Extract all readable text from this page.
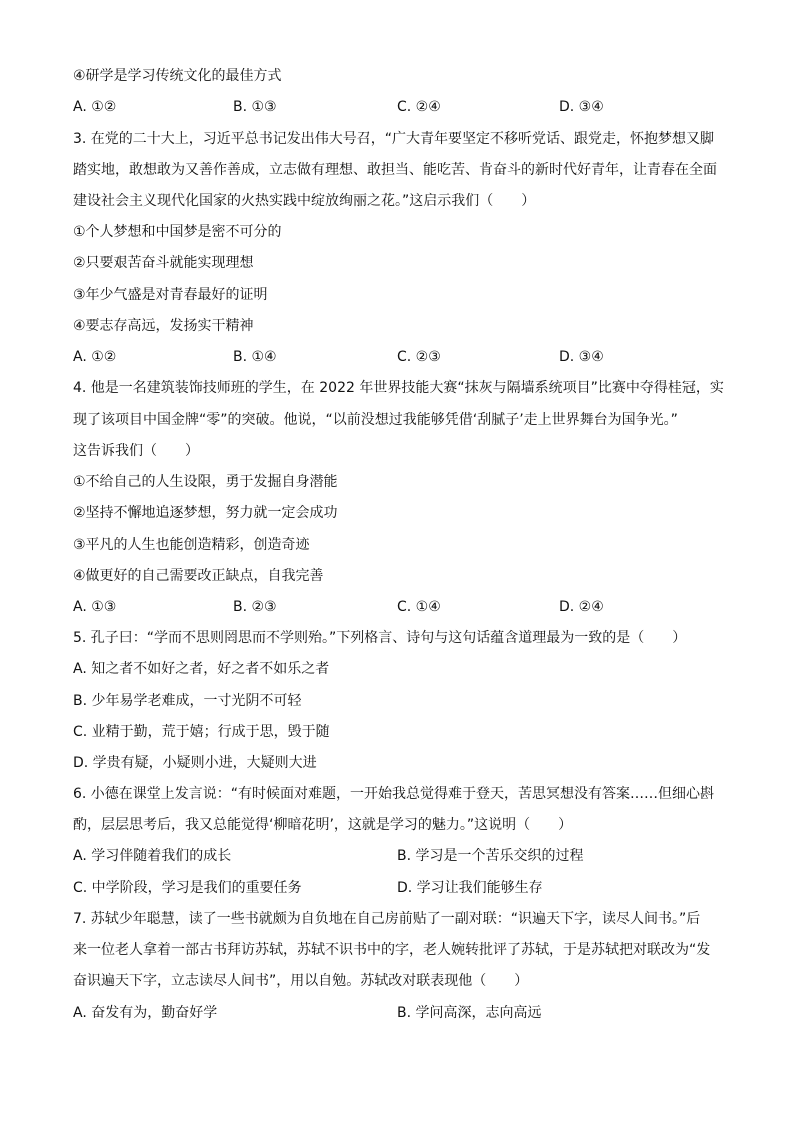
④研学是学习传统文化的最佳方式
A. ①②	B. ①③	C. ②④	D. ③④
3. 在党的二十大上，习近平总书记发出伟大号召，“广大青年要坚定不移听党话、跟党走，怀抱梦想又脚
踏实地，敢想敢为又善作善成，立志做有理想、敢担当、能吃苦、肯奋斗的新时代好青年，让青春在全面
建设社会主义现代化国家的火热实践中绽放绚丽之花。”这启示我们（　　）
①个人梦想和中国梦是密不可分的
②只要艰苦奋斗就能实现理想
③年少气盛是对青春最好的证明
④要志存高远，发扬实干精神
A. ①②	B. ①④	C. ②③	D. ③④
4. 他是一名建筑装饰技师班的学生，在 2022 年世界技能大赛“抹灰与隔墙系统项目”比赛中夺得桂冠，实
现了该项目中国金牌“零”的突破。他说，“以前没想过我能够凭借‘刮腻子’走上世界舞台为国争光。”
这告诉我们（　　）
①不给自己的人生设限，勇于发掘自身潜能
②坚持不懈地追逐梦想，努力就一定会成功
③平凡的人生也能创造精彩，创造奇迹
④做更好的自己需要改正缺点，自我完善
A. ①③	B. ②③	C. ①④	D. ②④
5. 孔子曰：“学而不思则罔思而不学则殆。”下列格言、诗句与这句话蕴含道理最为一致的是（　　）
A. 知之者不如好之者，好之者不如乐之者
B. 少年易学老难成，一寸光阴不可轻
C. 业精于勤，荒于嬉；行成于思，毁于随
D. 学贵有疑，小疑则小进，大疑则大进
6. 小德在课堂上发言说：“有时候面对难题，一开始我总觉得难于登天，苦思冥想没有答案……但细心斟
酌，层层思考后，我又总能觉得‘柳暗花明’，这就是学习的魅力。”这说明（　　）
A. 学习伴随着我们的成长	B. 学习是一个苦乐交织的过程
C. 中学阶段，学习是我们的重要任务	D. 学习让我们能够生存
7. 苏轼少年聪慧，读了一些书就颇为自负地在自己房前贴了一副对联：“识遍天下字，读尽人间书。”后
来一位老人拿着一部古书拜访苏轼，苏轼不识书中的字，老人婉转批评了苏轼，于是苏轼把对联改为“发
奋识遍天下字，立志读尽人间书”，用以自勉。苏轼改对联表现他（　　）
A. 奋发有为，勤奋好学	B. 学问高深，志向高远
